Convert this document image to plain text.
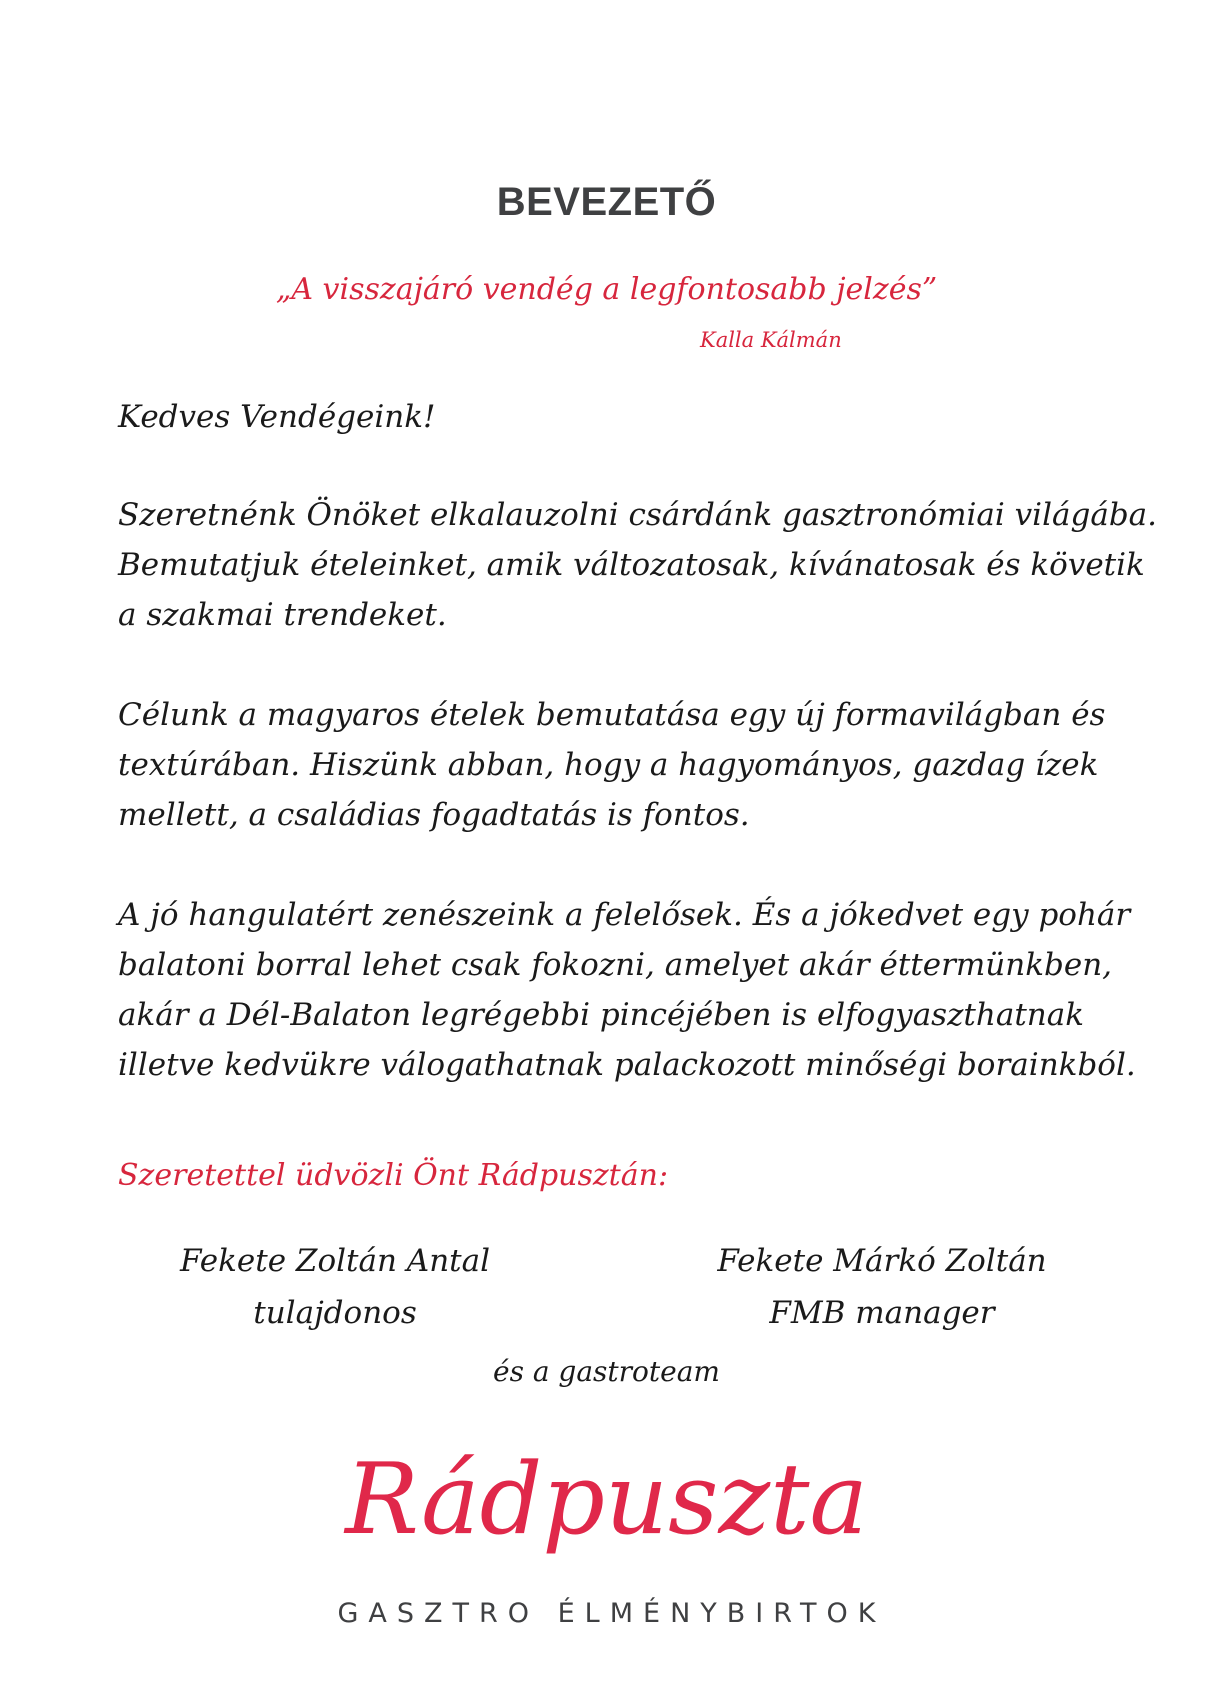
BEVEZETŐ
„A visszajáró vendég a legfontosabb jelzés”
Kalla Kálmán
Kedves Vendégeink!
Szeretnénk Önöket elkalauzolni csárdánk gasztronómiai világába.
Bemutatjuk ételeinket, amik változatosak, kívánatosak és követik
a szakmai trendeket.
Célunk a magyaros ételek bemutatása egy új formavilágban és
textúrában. Hiszünk abban, hogy a hagyományos, gazdag ízek
mellett, a családias fogadtatás is fontos.
A jó hangulatért zenészeink a felelősek. És a jókedvet egy pohár
balatoni borral lehet csak fokozni, amelyet akár éttermünkben,
akár a Dél-Balaton legrégebbi pincéjében is elfogyaszthatnak
illetve kedvükre válogathatnak palackozott minőségi borainkból.
Szeretettel üdvözli Önt Rádpusztán:
Fekete Zoltán Antal
tulajdonos
Fekete Márkó Zoltán
FMB manager
és a gastroteam
Rádpuszta
GASZTRO ÉLMÉNYBIRTOK
